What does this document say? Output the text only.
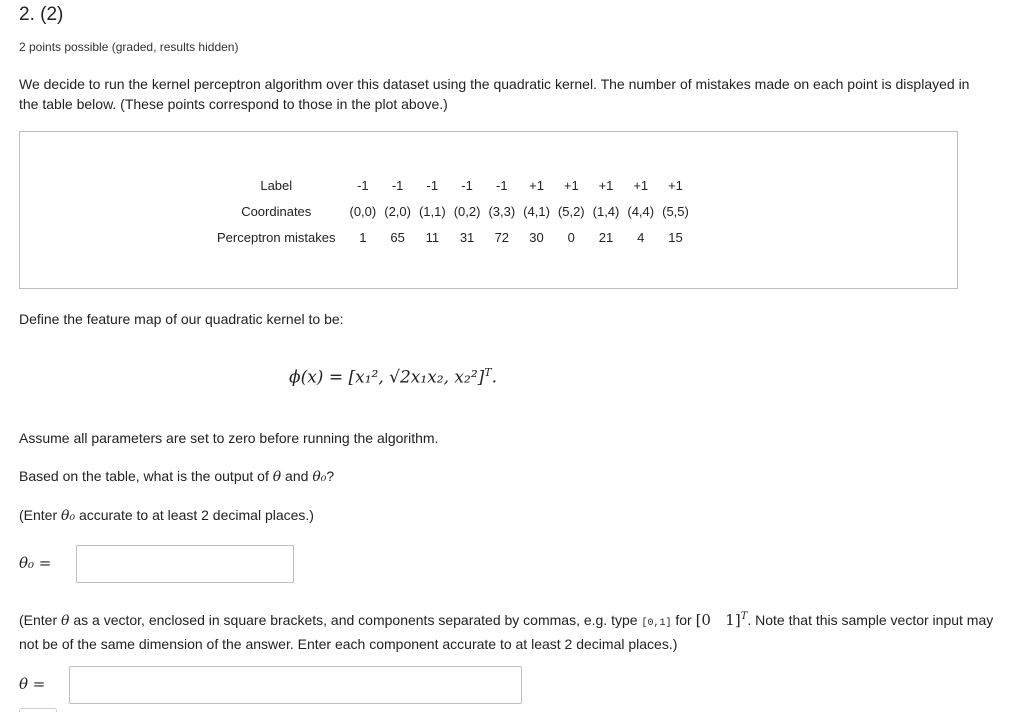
2. (2)
2 points possible (graded, results hidden)
We decide to run the kernel perceptron algorithm over this dataset using the quadratic kernel. The number of mistakes made on each point is displayed in the table below. (These points correspond to those in the plot above.)
Label	-1	-1	-1	-1	-1	+1	+1	+1	+1	+1
Coordinates	(0,0)	(2,0)	(1,1)	(0,2)	(3,3)	(4,1)	(5,2)	(1,4)	(4,4)	(5,5)
Perceptron mistakes	1	65	11	31	72	30	0	21	4	15
Define the feature map of our quadratic kernel to be:
ϕ(x) = [x₁², √2x₁x₂, x₂²]$^T$.
Assume all parameters are set to zero before running the algorithm.
Based on the table, what is the output of θ and θ₀?
(Enter θ₀ accurate to at least 2 decimal places.)
θ₀ =
(Enter θ as a vector, enclosed in square brackets, and components separated by commas, e.g. type [0,1] for [0   1]$^T$. Note that this sample vector input may not be of the same dimension of the answer. Enter each component accurate to at least 2 decimal places.)
θ =
